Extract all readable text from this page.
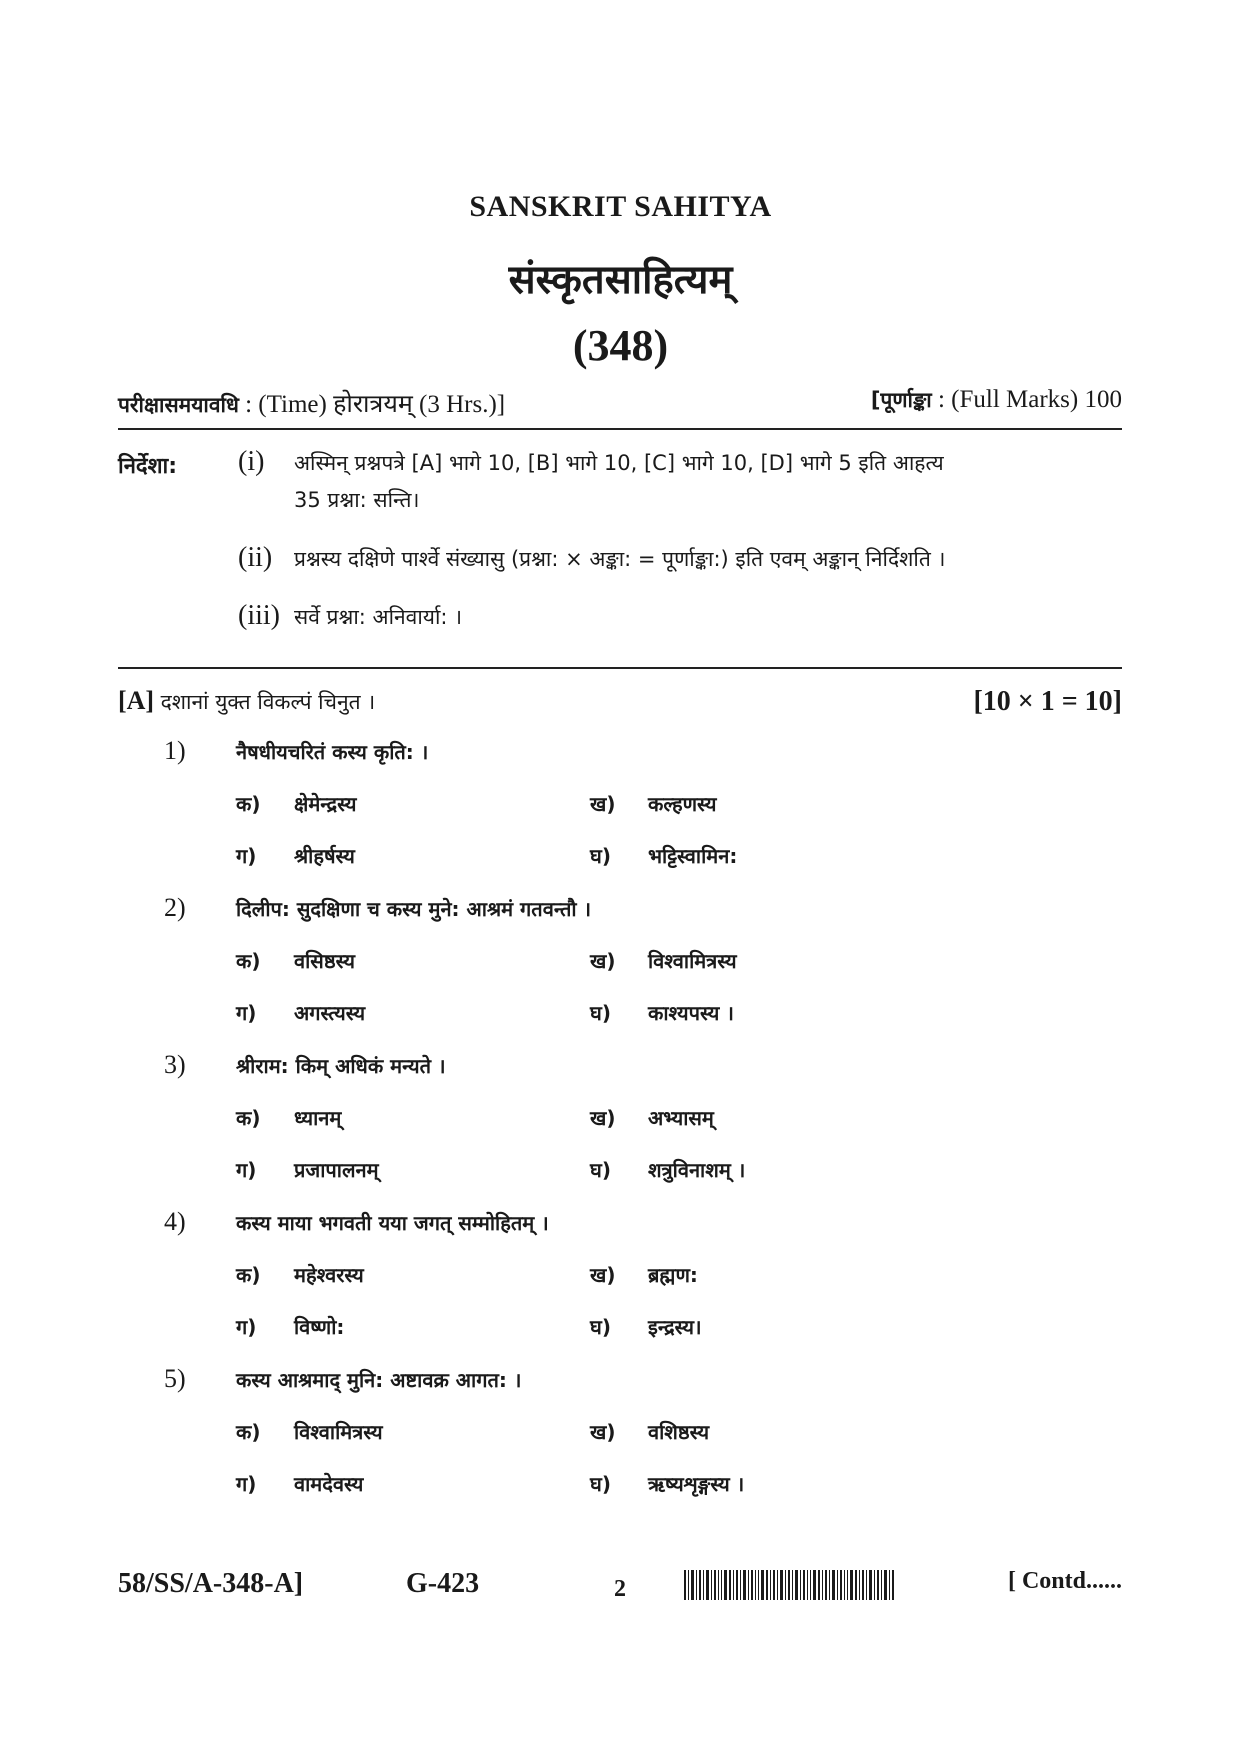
SANSKRIT SAHITYA
संस्कृतसाहित्यम्
(348)
परीक्षासमयावधि : (Time) होरात्रयम् (3 Hrs.)]	[पूर्णाङ्का : (Full Marks) 100
निर्देशा: (i) अस्मिन् प्रश्नपत्रे [A] भागे 10, [B] भागे 10, [C] भागे 10, [D] भागे 5 इति आहत्य
35 प्रश्ना: सन्ति।
(ii) प्रश्नस्य दक्षिणे पार्श्वे संख्यासु (प्रश्ना: × अङ्का: = पूर्णाङ्का:) इति एवम् अङ्कान् निर्दिशति ।
(iii) सर्वे प्रश्ना: अनिवार्या: ।
[A] दशानां युक्त विकल्पं चिनुत ।	[10 × 1 = 10]
1)	नैषधीयचरितं कस्य कृति: ।
क) क्षेमेन्द्रस्य	ख) कल्हणस्य
ग) श्रीहर्षस्य	घ) भट्टिस्वामिन:
2)	दिलीप: सुदक्षिणा च कस्य मुने: आश्रमं गतवन्तौ ।
क) वसिष्ठस्य	ख) विश्वामित्रस्य
ग) अगस्त्यस्य	घ) काश्यपस्य ।
3)	श्रीराम: किम् अधिकं मन्यते ।
क) ध्यानम्	ख) अभ्यासम्
ग) प्रजापालनम्	घ) शत्रुविनाशम् ।
4)	कस्य माया भगवती यया जगत् सम्मोहितम् ।
क) महेश्वरस्य	ख) ब्रह्मण:
ग) विष्णो:	घ) इन्द्रस्य।
5)	कस्य आश्रमाद् मुनि: अष्टावक्र आगत: ।
क) विश्वामित्रस्य	ख) वशिष्ठस्य
ग) वामदेवस्य	घ) ऋष्यशृङ्गस्य ।
58/SS/A-348-A]	G-423	2	[ Contd......
